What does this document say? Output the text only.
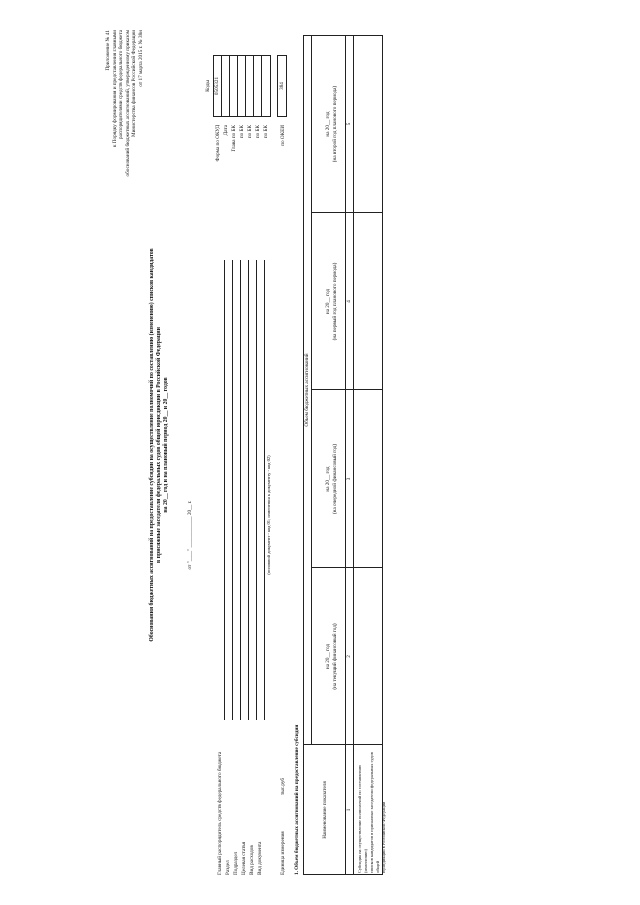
Приложение № 41 к Порядку формирования и представления главными распорядителями средств федерального бюджета обоснований бюджетных ассигнований, утвержденному приказом Министерства финансов Российской Федерации от 17 марта 2015 г. № 38н
Обоснования бюджетных ассигнований на предоставление субсидии на осуществление полномочий по составлению (изменению) списков кандидатов в присяжные заседатели федеральных судов общей юрисдикции в Российской Федерации на 20__ год и на плановый период 20__ и 20__ годов
от "____" ____________ 20__ г.
Форма по ОКУД Дата Глава по БК по БК по БК по БК по БК
Коды 0505321
Главный распорядитель средств федерального бюджета Раздел Подраздел Целевая статья Вид расходов Вид документа
(основной документ - код 01; изменения к документу - код 02)
Единица измерения
тыс.руб
по ОКЕИ
384
1. Объем бюджетных ассигнований на предоставление субсидии	Наименование показателя
Объем бюджетных ассигнований
на 20__ год (на текущий финансовый год)
на 20__ год (на очередной финансовый год)
на 20__ год (на первый год планового периода)
на 20__ год (на второй год планового периода)
1
2
3
4
5
Субсидия на осуществление полномочий по составлению (изменению) списков кандидатов в присяжные заседатели федеральных судов общей юрисдикции в Российской Федерации
